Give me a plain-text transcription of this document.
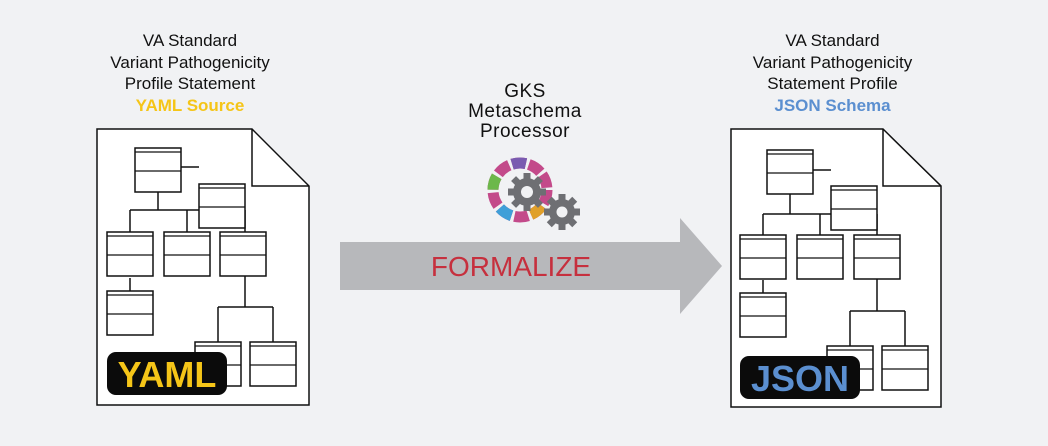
VA Standard
Variant Pathogenicity
Profile Statement
YAML Source
VA Standard
Variant Pathogenicity
Statement Profile
JSON Schema
GKS
Metaschema
Processor
FORMALIZE
YAML	JSON
